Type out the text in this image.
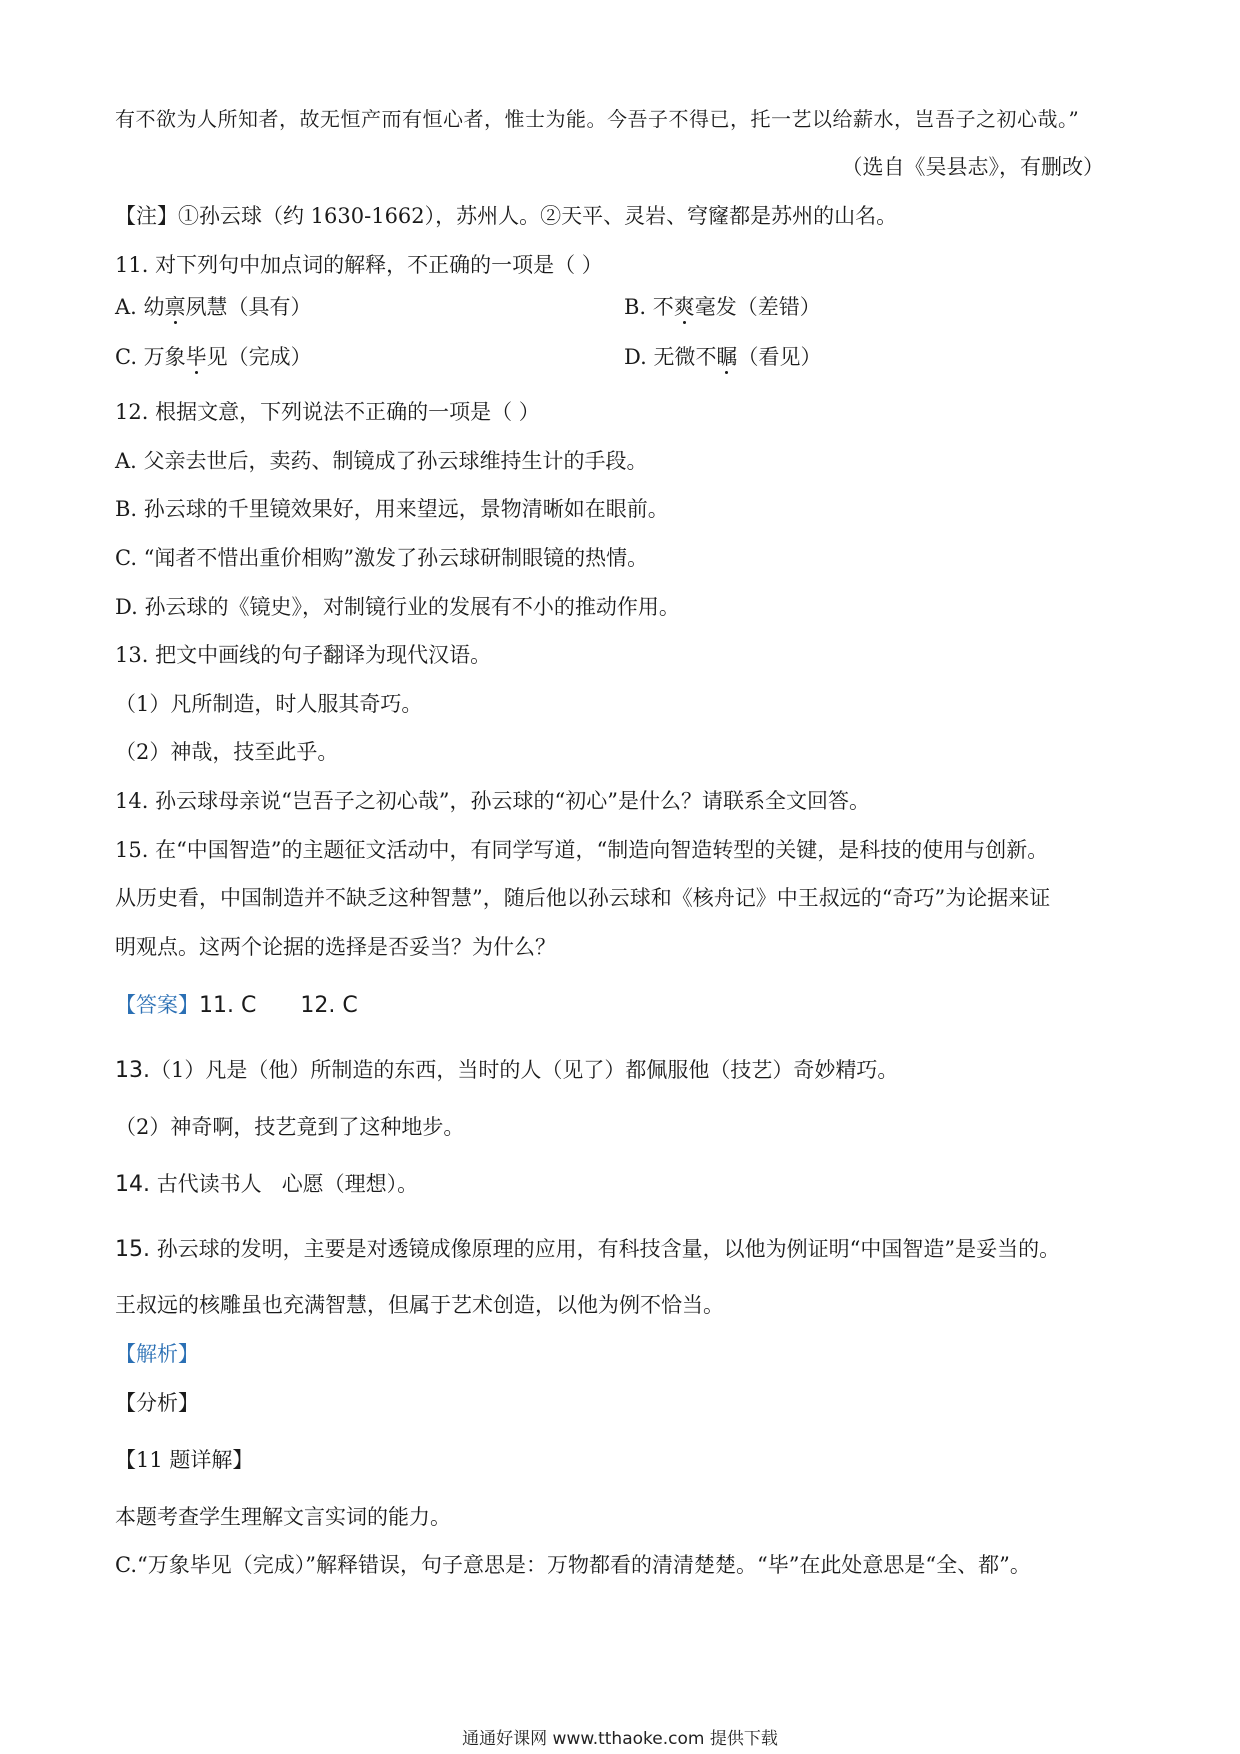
有不欲为人所知者，故无恒产而有恒心者，惟士为能。今吾子不得已，托一艺以给薪水，岂吾子之初心哉。”
（选自《吴县志》，有删改）
【注】①孙云球（约 1630-1662），苏州人。②天平、灵岩、穹窿都是苏州的山名。
11. 对下列句中加点词的解释，不正确的一项是（ ）
A. 幼禀夙慧（具有）	B. 不爽毫发（差错）
C. 万象毕见（完成）	D. 无微不瞩（看见）
12. 根据文意，下列说法不正确的一项是（ ）
A. 父亲去世后，卖药、制镜成了孙云球维持生计的手段。
B. 孙云球的千里镜效果好，用来望远，景物清晰如在眼前。
C. “闻者不惜出重价相购”激发了孙云球研制眼镜的热情。
D. 孙云球的《镜史》，对制镜行业的发展有不小的推动作用。
13. 把文中画线的句子翻译为现代汉语。
（1）凡所制造，时人服其奇巧。
（2）神哉，技至此乎。
14. 孙云球母亲说“岂吾子之初心哉”，孙云球的“初心”是什么？请联系全文回答。
15. 在“中国智造”的主题征文活动中，有同学写道，“制造向智造转型的关键，是科技的使用与创新。
从历史看，中国制造并不缺乏这种智慧”，随后他以孙云球和《核舟记》中王叔远的“奇巧”为论据来证
明观点。这两个论据的选择是否妥当？为什么？
【答案】11. C 12. C
13.（1）凡是（他）所制造的东西，当时的人（见了）都佩服他（技艺）奇妙精巧。
（2）神奇啊，技艺竟到了这种地步。
14. 古代读书人 心愿（理想）。
15. 孙云球的发明，主要是对透镜成像原理的应用，有科技含量，以他为例证明“中国智造”是妥当的。
王叔远的核雕虽也充满智慧，但属于艺术创造，以他为例不恰当。
【解析】
【分析】
【11 题详解】
本题考查学生理解文言实词的能力。
C.“万象毕见（完成）”解释错误，句子意思是：万物都看的清清楚楚。“毕”在此处意思是“全、都”。
通通好课网 www.tthaoke.com 提供下载
